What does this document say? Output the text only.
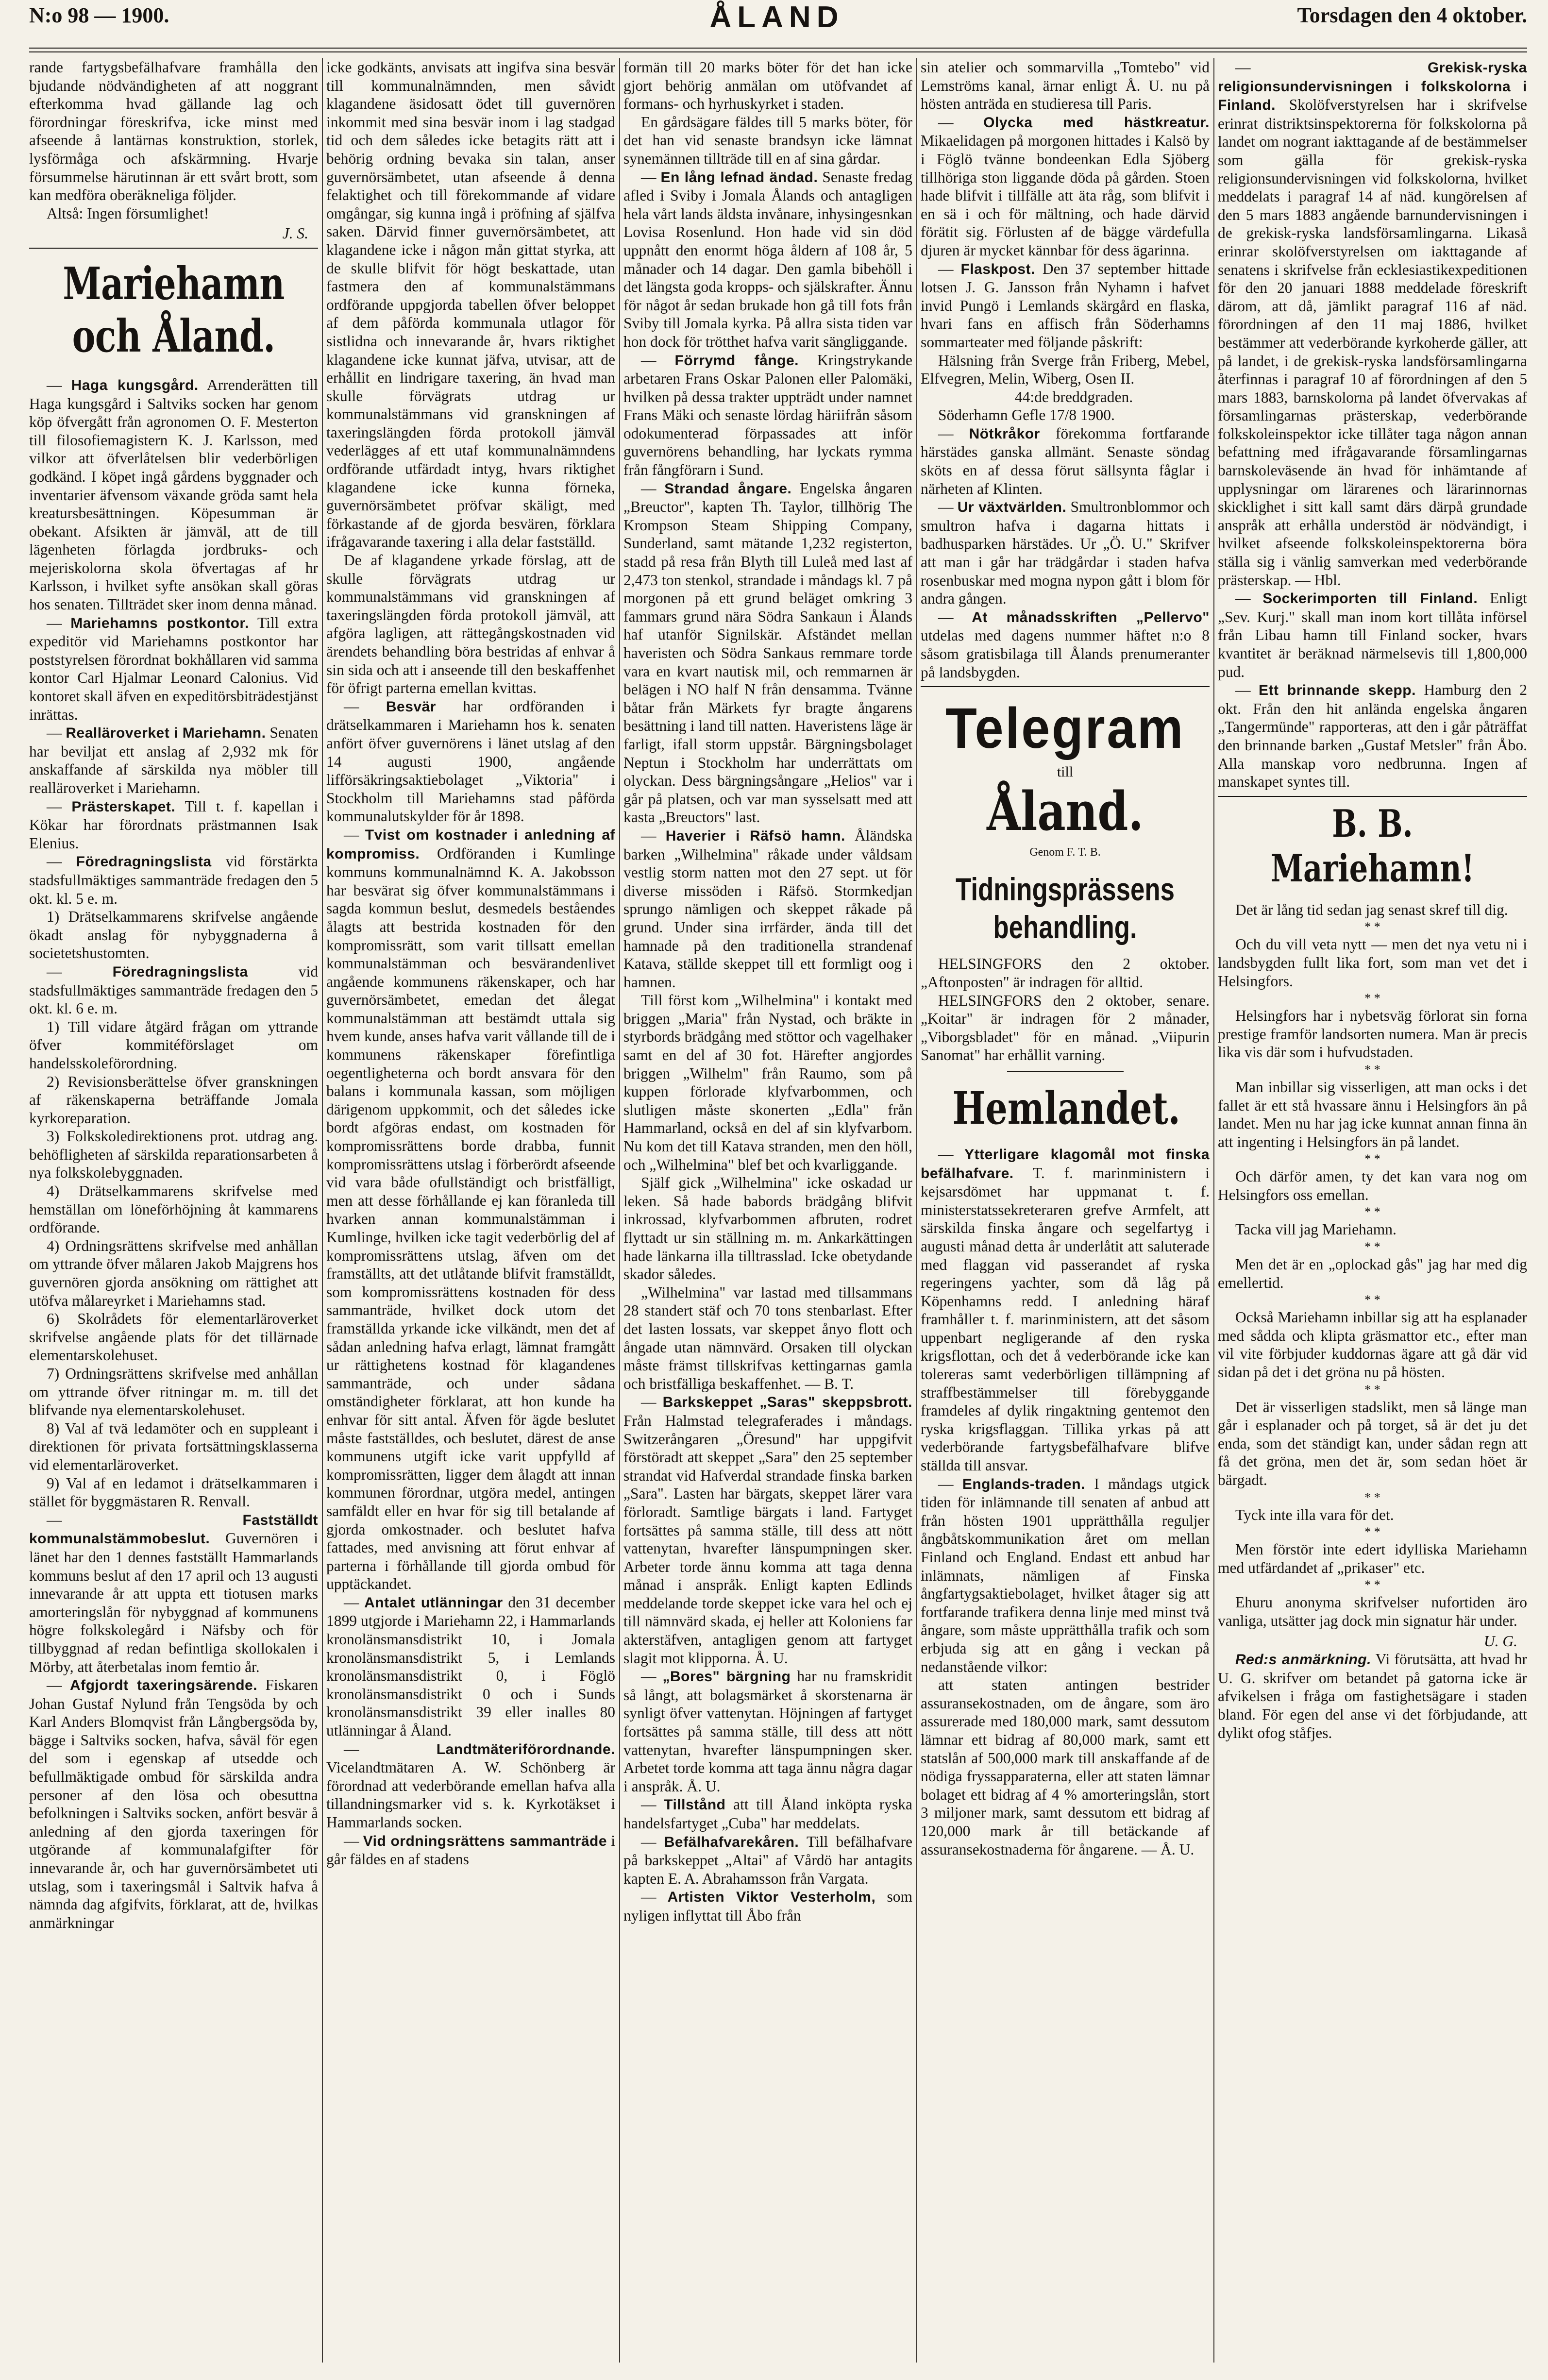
N:o 98 — 1900.	ÅLAND	Torsdagen den 4 oktober.

rande fartygsbefälhafvare framhålla den bjudande nödvändigheten af att noggrant efterkomma hvad gällande lag och förordningar föreskrifva, icke minst med afseende å lantärnas konstruktion, storlek, lysförmåga och afskärmning. Hvarje försummelse härutinnan är ett svårt brott, som kan medföra oberäkneliga följder.

Altså: Ingen försumlighet!

J. S.

Mariehamn och Åland.

— Haga kungsgård. Arrenderätten till Haga kungsgård i Saltviks socken har genom köp öfvergått från agronomen O. F. Mesterton till filosofiemagistern K. J. Karlsson, med vilkor att öfverlåtelsen blir vederbörligen godkänd. I köpet ingå gårdens byggnader och inventarier äfvensom växande gröda samt hela kreatursbesättningen. Köpesumman är obekant. Afsikten är jämväl, att de till lägenheten förlagda jordbruks- och mejeriskolorna skola öfvertagas af hr Karlsson, i hvilket syfte ansökan skall göras hos senaten. Tillträdet sker inom denna månad.

— Mariehamns postkontor. Till extra expeditör vid Mariehamns postkontor har poststyrelsen förordnat bokhållaren vid samma kontor Carl Hjalmar Leonard Calonius. Vid kontoret skall äfven en expeditörsbiträdestjänst inrättas.

— Realläroverket i Mariehamn. Senaten har beviljat ett anslag af 2,932 mk för anskaffande af särskilda nya möbler till realläroverket i Mariehamn.

— Prästerskapet. Till t. f. kapellan i Kökar har förordnats prästmannen Isak Elenius.

— Föredragningslista vid förstärkta stadsfullmäktiges sammanträde fredagen den 5 okt. kl. 5 e. m.

1) Drätselkammarens skrifvelse angående ökadt anslag för nybyggnaderna å societetshustomten.

— Föredragningslista	vid stadsfullmäktiges sammanträde fredagen den 5 okt. kl. 6 e. m.

1) Till vidare åtgärd frågan om yttrande öfver kommitéförslaget om handelsskoleförordning.

2) Revisionsberättelse öfver granskningen af räkenskaperna beträffande Jomala kyrkoreparation.

3) Folkskoledirektionens prot. utdrag ang. behöfligheten af särskilda reparationsarbeten å nya folkskolebyggnaden.

4) Drätselkammarens skrifvelse med hemställan om löneförhöjning åt kammarens ordförande.

4) Ordningsrättens skrifvelse med anhållan om yttrande öfver målaren Jakob Majgrens hos guvernören gjorda ansökning om rättighet att utöfva målareyrket i Mariehamns stad.

6) Skolrådets för elementarläroverket skrifvelse angående plats för det tillärnade elementarskolehuset.

7) Ordningsrättens skrifvelse med anhållan om yttrande öfver ritningar m. m. till det blifvande nya elementarskolehuset.

8) Val af tvä ledamöter och en suppleant i direktionen för privata fortsättningsklasserna vid elementarläroverket.

9) Val af en ledamot i drätselkammaren i stället för byggmästaren R. Renvall.

— Fastställdt kommunalstämmobeslut. Guvernören i länet har den 1 dennes fastställt Hammarlands kommuns beslut af den 17 april och 13 augusti innevarande år att uppta ett tiotusen marks amorteringslån för nybyggnad af kommunens högre folkskolegård i Näfsby och för tillbyggnad af redan befintliga skollokalen i Mörby, att återbetalas inom femtio år.

— Afgjordt taxeringsärende. Fiskaren Johan Gustaf Nylund från Tengsöda by och Karl Anders Blomqvist från Långbergsöda by, bägge i Saltviks socken, hafva, såväl för egen del som i egenskap af utsedde och befullmäktigade ombud för särskilda andra personer af den lösa och obesuttna befolkningen i Saltviks socken, anfört besvär å anledning af den gjorda taxeringen för utgörande af kommunalafgifter för innevarande år, och har guvernörsämbetet uti utslag, som i taxeringsmål i Saltvik hafva å nämnda dag afgifvits, förklarat, att de, hvilkas anmärkningar

icke godkänts, anvisats att ingifva sina besvär till kommunalnämnden, men såvidt klagandene äsidosatt ödet till guvernören inkommit med sina besvär inom i lag stadgad tid och dem således icke betagits rätt att i behörig ordning bevaka sin talan, anser guvernörsämbetet, utan afseende å denna felaktighet och till förekommande af vidare omgångar, sig kunna ingå i pröfning af själfva saken. Därvid finner guvernörsämbetet, att klagandene icke i någon mån gittat styrka, att de skulle blifvit för högt beskattade, utan fastmera den af kommunalstämmans ordförande uppgjorda tabellen öfver beloppet af dem påförda kommunala utlagor för sistlidna och innevarande år, hvars riktighet klagandene icke kunnat jäfva, utvisar, att de erhållit en lindrigare taxering, än hvad man skulle förvägrats utdrag ur kommunalstämmans vid granskningen af taxeringslängden förda protokoll jämväl vederlägges af ett utaf kommunalnämndens ordförande utfärdadt intyg, hvars riktighet klagandene icke kunna förneka, guvernörsämbetet pröfvar skäligt, med förkastande af de gjorda besvären, förklara ifrågavarande taxering i alla delar fastställd.

De af klagandene yrkade förslag, att de skulle förvägrats utdrag ur kommunalstämmans vid granskningen af taxeringslängden förda protokoll jämväl, att afgöra lagligen, att rättegångskostnaden vid ärendets behandling böra bestridas af enhvar å sin sida och att i anseende till den beskaffenhet för öfrigt parterna emellan kvittas.

— Besvär har ordföranden i drätselkammaren i Mariehamn hos k. senaten anfört öfver guvernörens i länet utslag af den 14 augusti 1900, angående lifförsäkringsaktiebolaget „Viktoria" i Stockholm till Mariehamns stad påförda kommunalutskylder för år 1898.

— Tvist om kostnader i anledning af kompromiss. Ordföranden i Kumlinge kommuns kommunalnämnd K. A. Jakobsson har besvärat sig öfver kommunalstämmans i sagda kommun beslut, desmedels beståendes ålagts att bestrida kostnaden för den kompromissrätt, som varit tillsatt emellan kommunalstämman och besvärandenlivet angående kommunens räkenskaper, och har guvernörsämbetet, emedan det ålegat kommunalstämman att bestämdt uttala sig hvem kunde, anses hafva varit vållande till de i kommunens räkenskaper förefintliga oegentligheterna och bordt ansvara för den balans i kommunala kassan, som möjligen därigenom uppkommit, och det således icke bordt afgöras endast, om kostnaden för kompromissrättens borde drabba, funnit kompromissrättens utslag i förberördt afseende vid vara både ofullständigt och bristfälligt, men att desse förhållande ej kan föranleda till hvarken annan kommunalstämman i Kumlinge, hvilken icke tagit vederbörlig del af kompromissrättens utslag, äfven om det framställts, att det utlåtande blifvit framställdt, som kompromissrättens kostnaden för dess sammanträde, hvilket dock utom det framställda yrkande icke vilkändt, men det af sådan anledning hafva erlagt, lämnat framgått ur rättighetens kostnad för klagandenes sammanträde, och under sådana omständigheter förklarat, att hon kunde ha enhvar för sitt antal. Äfven för ägde beslutet måste fastställdes, och beslutet, därest de anse kommunens utgift icke varit uppfylld af kompromissrätten, ligger dem ålagdt att innan kommunen förordnar, utgöra medel, antingen samfäldt eller en hvar för sig till betalande af gjorda omkostnader. och beslutet hafva fattades, med anvisning att förut enhvar af parterna i förhållande till gjorda ombud för upptäckandet.

— Antalet utlänningar den 31 december 1899 utgjorde i Mariehamn 22, i Hammarlands kronolänsmansdistrikt 10, i Jomala kronolänsmansdistrikt 5, i Lemlands kronolänsmansdistrikt 0, i Föglö kronolänsmansdistrikt 0 och i Sunds kronolänsmansdistrikt 39 eller inalles 80 utlänningar å Åland.

— Landtmäteriförordnande. Vicelandtmätaren A. W. Schönberg är förordnad att vederbörande emellan hafva alla tillandningsmarker vid s. k. Kyrkotäkset i Hammarlands socken.

— Vid ordningsrättens sammanträde i går fäldes en af stadens

formän till 20 marks böter för det han icke gjort behörig anmälan om utöfvandet af formans- och hyrhuskyrket i staden.

En gårdsägare fäldes till 5 marks böter, för det han vid senaste brandsyn icke lämnat synemännen tillträde till en af sina gårdar.

— En lång lefnad ändad. Senaste fredag afled i Sviby i Jomala Ålands och antagligen hela vårt lands äldsta invånare, inhysingesnkan Lovisa Rosenlund. Hon hade vid sin död uppnått den enormt höga åldern af 108 år, 5 månader och 14 dagar. Den gamla bibehöll i det längsta goda kropps- och själskrafter. Ännu för något år sedan brukade hon gå till fots från Sviby till Jomala kyrka. På allra sista tiden var hon dock för trötthet hafva varit sängliggande.

— Förrymd fånge. Kringstrykande arbetaren Frans Oskar Palonen eller Palomäki, hvilken på dessa trakter uppträdt under namnet Frans Mäki och senaste lördag häriifrån såsom odokumenterad förpassades att inför guvernörens behandling, har lyckats rymma från fångförarn i Sund.

— Strandad ångare. Engelska ångaren „Breuctor", kapten Th. Taylor, tillhörig The Krompson Steam Shipping Company, Sunderland, samt mätande 1,232 registerton, stadd på resa från Blyth till Luleå med last af 2,473 ton stenkol, strandade i måndags kl. 7 på morgonen på ett grund beläget omkring 3 fammars grund nära Södra Sankaun i Ålands haf utanför Signilskär. Afständet mellan haveristen och Södra Sankaus remmare torde vara en kvart nautisk mil, och remmarnen är belägen i NO half N från densamma. Tvänne båtar från Märkets fyr bragte ångarens besättning i land till natten. Haveristens läge är farligt, ifall storm uppstår. Bärgningsbolaget Neptun i Stockholm har underrättats om olyckan. Dess bärgningsångare „Helios" var i går på platsen, och var man sysselsatt med att kasta „Breuctors" last.

— Haverier i Räfsö hamn. Åländska barken „Wilhelmina" råkade under våldsam vestlig storm natten mot den 27 sept. ut för diverse missöden i Räfsö. Stormkedjan sprungo nämligen och skeppet råkade på grund. Under sina irrfärder, ända till det hamnade på den traditionella strandenaf Katava, ställde skeppet till ett formligt oog i hamnen.

Till först kom „Wilhelmina" i kontakt med briggen „Maria" från Nystad, och bräkte in styrbords brädgång med stöttor och vagelhaker samt en del af 30 fot. Härefter angjordes briggen „Wilhelm" från Raumo, som på kuppen förlorade klyfvarbommen, och slutligen måste skonerten „Edla" från Hammarland, också en del af sin klyfvarbom. Nu kom det till Katava stranden, men den höll, och „Wilhelmina" blef bet och kvarliggande.

Själf gick „Wilhelmina" icke oskadad ur leken. Så hade babords brädgång blifvit inkrossad, klyfvarbommen afbruten, rodret flyttadt ur sin ställning m. m. Ankarkättingen hade länkarna illa tilltrasslad. Icke obetydande skador således.

„Wilhelmina" var lastad med tillsammans 28 standert stäf och 70 tons stenbarlast. Efter det lasten lossats, var skeppet ånyo flott och ångade utan nämnvärd. Orsaken till olyckan måste främst tillskrifvas kettingarnas gamla och bristfälliga beskaffenhet. — B. T.

— Barkskeppet „Saras" skeppsbrott. Från Halmstad telegraferades i måndags. Switzerångaren „Öresund" har uppgifvit förstöradt att skeppet „Sara" den 25 september strandat vid Hafverdal strandade finska barken „Sara". Lasten har bärgats, skeppet lärer vara förloradt. Samtlige bärgats i land. Fartyget fortsättes på samma ställe, till dess att nött vattenytan, hvarefter länspumpningen sker. Arbeter torde ännu komma att taga denna månad i anspråk. Enligt kapten Edlinds meddelande torde skeppet icke vara hel och ej till nämnvärd skada, ej heller att Koloniens far akterstäfven, antagligen genom att fartyget slagit mot klipporna. Å. U.

— „Bores" bärgning har nu framskridit så långt, att bolagsmärket å skorstenarna är synligt öfver vattenytan. Höjningen af fartyget fortsättes på samma ställe, till dess att nött vattenytan, hvarefter länspumpningen sker. Arbetet torde komma att taga ännu några dagar i anspråk. Å. U.

— Tillstånd att till Åland inköpta ryska handelsfartyget „Cuba" har meddelats.

— Befälhafvarekåren. Till befälhafvare på barkskeppet „Altai" af Vårdö har antagits kapten E. A. Abrahamsson från Vargata.

— Artisten Viktor Vesterholm, som nyligen inflyttat till Åbo från

sin atelier och sommarvilla „Tomtebo" vid Lemströms kanal, ärnar enligt Å. U. nu på hösten anträda en studieresa till Paris.

— Olycka med hästkreatur. Mikaelidagen på morgonen hittades i Kalsö by i Föglö tvänne bondeenkan Edla Sjöberg tillhöriga ston liggande döda på gården. Stoen hade blifvit i tillfälle att äta råg, som blifvit i en sä i och för mältning, och hade därvid förätit sig. Förlusten af de bägge värdefulla djuren är mycket kännbar för dess ägarinna.

— Flaskpost. Den 37 september hittade lotsen J. G. Jansson från Nyhamn i hafvet invid Pungö i Lemlands skärgård en flaska, hvari fans en affisch från Söderhamns sommarteater med följande påskrift:

Hälsning från Sverge från Friberg, Mebel, Elfvegren, Melin, Wiberg, Osen II.

44:de breddgraden.

Söderhamn Gefle 17/8 1900.

— Nötkråkor förekomma fortfarande härstädes ganska allmänt. Senaste söndag sköts en af dessa förut sällsynta fåglar i närheten af Klinten.

— Ur växtvärlden. Smultronblommor och smultron hafva i dagarna hittats i badhusparken härstädes. Ur „Ö. U." Skrifver att man i går har trädgårdar i staden hafva rosenbuskar med mogna nypon gått i blom för andra gången.

— At månadsskriften „Pellervo" utdelas med dagens nummer häftet n:o 8 såsom gratisbilaga till Ålands prenumeranter på landsbygden.

Telegram
till
Åland.
Genom F. T. B.
Tidningsprässens behandling.

HELSINGFORS den 2 oktober. „Aftonposten" är indragen för alltid.

HELSINGFORS den 2 oktober, senare. „Koitar" är indragen för 2 månader, „Viborgsbladet" för en månad. „Viipurin Sanomat" har erhållit varning.

Hemlandet.

— Ytterligare klagomål mot finska befälhafvare. T. f. marinministern i kejsarsdömet har uppmanat t. f. ministerstatssekreteraren grefve Armfelt, att särskilda finska ångare och segelfartyg i augusti månad detta år underlåtit att saluterade med flaggan vid passerandet af ryska regeringens yachter, som då låg på Köpenhamns redd. I anledning häraf framhåller t. f. marinministern, att det såsom uppenbart negligerande af den ryska krigsflottan, och det å vederbörande icke kan tolereras samt vederbörligen tillämpning af straffbestämmelser till förebyggande framdeles af dylik ringaktning gentemot den ryska krigsflaggan. Tillika yrkas på att vederbörande fartygsbefälhafvare blifve ställda till ansvar.

— Englands-traden. I måndags utgick tiden för inlämnande till senaten af anbud att från hösten 1901 upprätthålla reguljer ångbåtskommunikation året om mellan Finland och England. Endast ett anbud har inlämnats, nämligen af Finska ångfartygsaktiebolaget, hvilket åtager sig att fortfarande trafikera denna linje med minst två ångare, som måste upprätthålla trafik och som erbjuda sig att en gång i veckan på nedanstående vilkor:

att staten antingen bestrider assuransekostnaden, om de ångare, som äro assurerade med 180,000 mark, samt dessutom lämnar ett bidrag af 80,000 mark, samt ett statslån af 500,000 mark till anskaffande af de nödiga fryssapparaterna, eller att staten lämnar bolaget ett bidrag af 4 % amorteringslån, stort 3 miljoner mark, samt dessutom ett bidrag af 120,000 mark år till betäckande af assuransekostnaderna för ångarene. — Å. U.

— Grekisk-ryska religionsundervisningen i folkskolorna i Finland. Skolöfverstyrelsen har i skrifvelse erinrat distriktsinspektorerna för folkskolorna på landet om nogrant iakttagande af de bestämmelser som gälla för grekisk-ryska religionsundervisningen vid folkskolorna, hvilket meddelats i paragraf 14 af näd. kungörelsen af den 5 mars 1883 angående barnundervisningen i de grekisk-ryska landsförsamlingarna. Likaså erinrar skolöfverstyrelsen om iakttagande af senatens i skrifvelse från ecklesiastikexpeditionen för den 20 januari 1888 meddelade föreskrift därom, att då, jämlikt paragraf 116 af näd. förordningen af den 11 maj 1886, hvilket bestämmer att vederbörande kyrkoherde gäller, att på landet, i de grekisk-ryska landsförsamlingarna återfinnas i paragraf 10 af förordningen af den 5 mars 1883, barnskolorna på landet öfvervakas af församlingarnas prästerskap, vederbörande folkskoleinspektor icke tillåter taga någon annan befattning med ifrågavarande församlingarnas barnskoleväsende än hvad för inhämtande af upplysningar om lärarenes och lärarinnornas skicklighet i sitt kall samt därs därpå grundade anspråk att erhålla understöd är nödvändigt, i hvilket afseende folkskoleinspektorerna böra ställa sig i vänlig samverkan med vederbörande prästerskap. — Hbl.

— Sockerimporten till Finland. Enligt „Sev. Kurj." skall man inom kort tillåta införsel från Libau hamn till Finland socker, hvars kvantitet är beräknad närmelsevis till 1,800,000 pud.

— Ett brinnande skepp. Hamburg den 2 okt. Från den hit anlända engelska ångaren „Tangermünde" rapporteras, att den i går påträffat den brinnande barken „Gustaf Metsler" från Åbo. Alla manskap voro nedbrunna. Ingen af manskapet syntes till.

B. B. Mariehamn!

Det är lång tid sedan jag senast skref till dig.

* *

Och du vill veta nytt — men det nya vetu ni i landsbygden fullt lika fort, som man vet det i Helsingfors.

* *

Helsingfors har i nybetsväg förlorat sin forna prestige framför landsorten numera. Man är precis lika vis där som i hufvudstaden.

* *

Man inbillar sig visserligen, att man ocks i det fallet är ett stå hvassare ännu i Helsingfors än på landet. Men nu har jag icke kunnat annan finna än att ingenting i Helsingfors än på landet.

* *

Och därför amen, ty det kan vara nog om Helsingfors oss emellan.

* *

Tacka vill jag Mariehamn.

* *

Men det är en „oplockad gås" jag har med dig emellertid.

* *

Också Mariehamn inbillar sig att ha esplanader med sådda och klipta gräsmattor etc., efter man vil vite förbjuder kuddornas ägare att gå där vid sidan på det i det gröna nu på hösten.

* *

Det är visserligen stadslikt, men så länge man går i esplanader och på torget, så är det ju det enda, som det ständigt kan, under sådan regn att få det gröna, men det är, som sedan höet är bärgadt.

* *

Tyck inte illa vara för det.

* *

Men förstör inte edert idylliska Mariehamn med utfärdandet af „prikaser" etc.

* *

Ehuru anonyma skrifvelser nufortiden äro vanliga, utsätter jag dock min signatur här under.

U. G.

Red:s anmärkning. Vi förutsätta, att hvad hr U. G. skrifver om betandet på gatorna icke är afvikelsen i fråga om fastighetsägare i staden bland. För egen del anse vi det förbjudande, att dylikt ofog ståfjes.
